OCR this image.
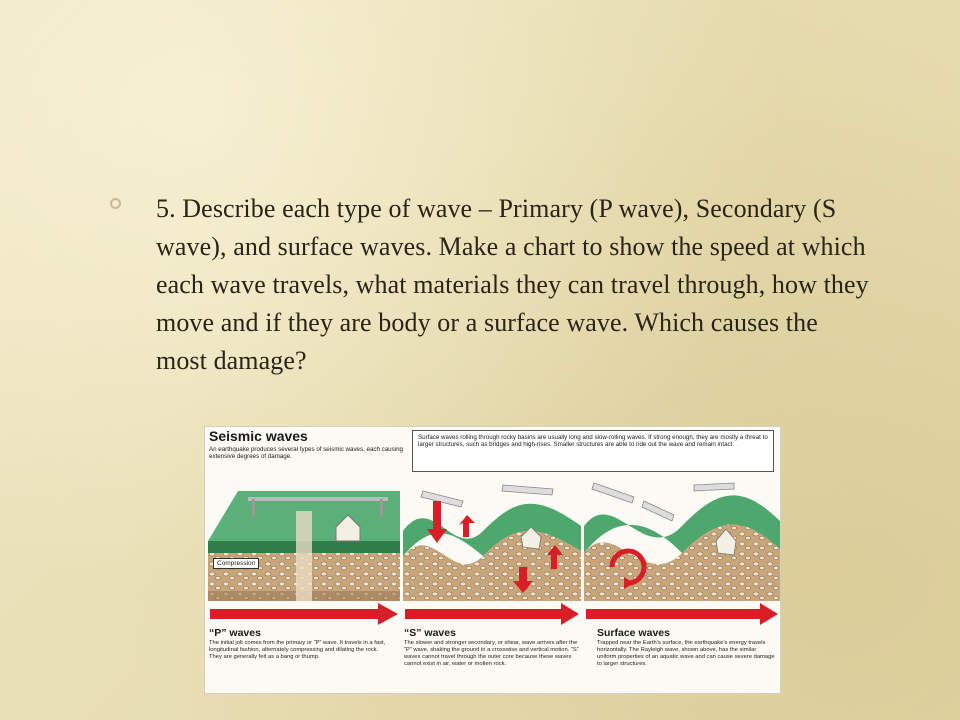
5. Describe each type of wave – Primary (P wave), Secondary (S wave), and surface waves. Make a chart to show the speed at which each wave travels, what materials they can travel through, how they move and if they are body or a surface wave. Which causes the most damage?
Seismic waves
An earthquake produces several types of seismic waves, each causing extensive degrees of damage.
Surface waves rolling through rocky basins are usually long and slow-rolling waves. If strong enough, they are mostly a threat to larger structures, such as bridges and high-rises. Smaller structures are able to ride out the wave and remain intact.
Compression
“P” waves
The initial jolt comes from the primary or “P” wave. It travels in a fast, longitudinal fashion, alternately compressing and dilating the rock. They are generally felt as a bang or thump.
“S” waves
The slower and stronger secondary, or shear, wave arrives after the “P” wave, shaking the ground in a crosswise and vertical motion. “S” waves cannot travel through the outer core because these waves cannot exist in air, water or molten rock.
Surface waves
Trapped near the Earth’s surface, the earthquake’s energy travels horizontally. The Rayleigh wave, shown above, has the similar uniform properties of an aquatic wave and can cause severe damage to larger structures.
